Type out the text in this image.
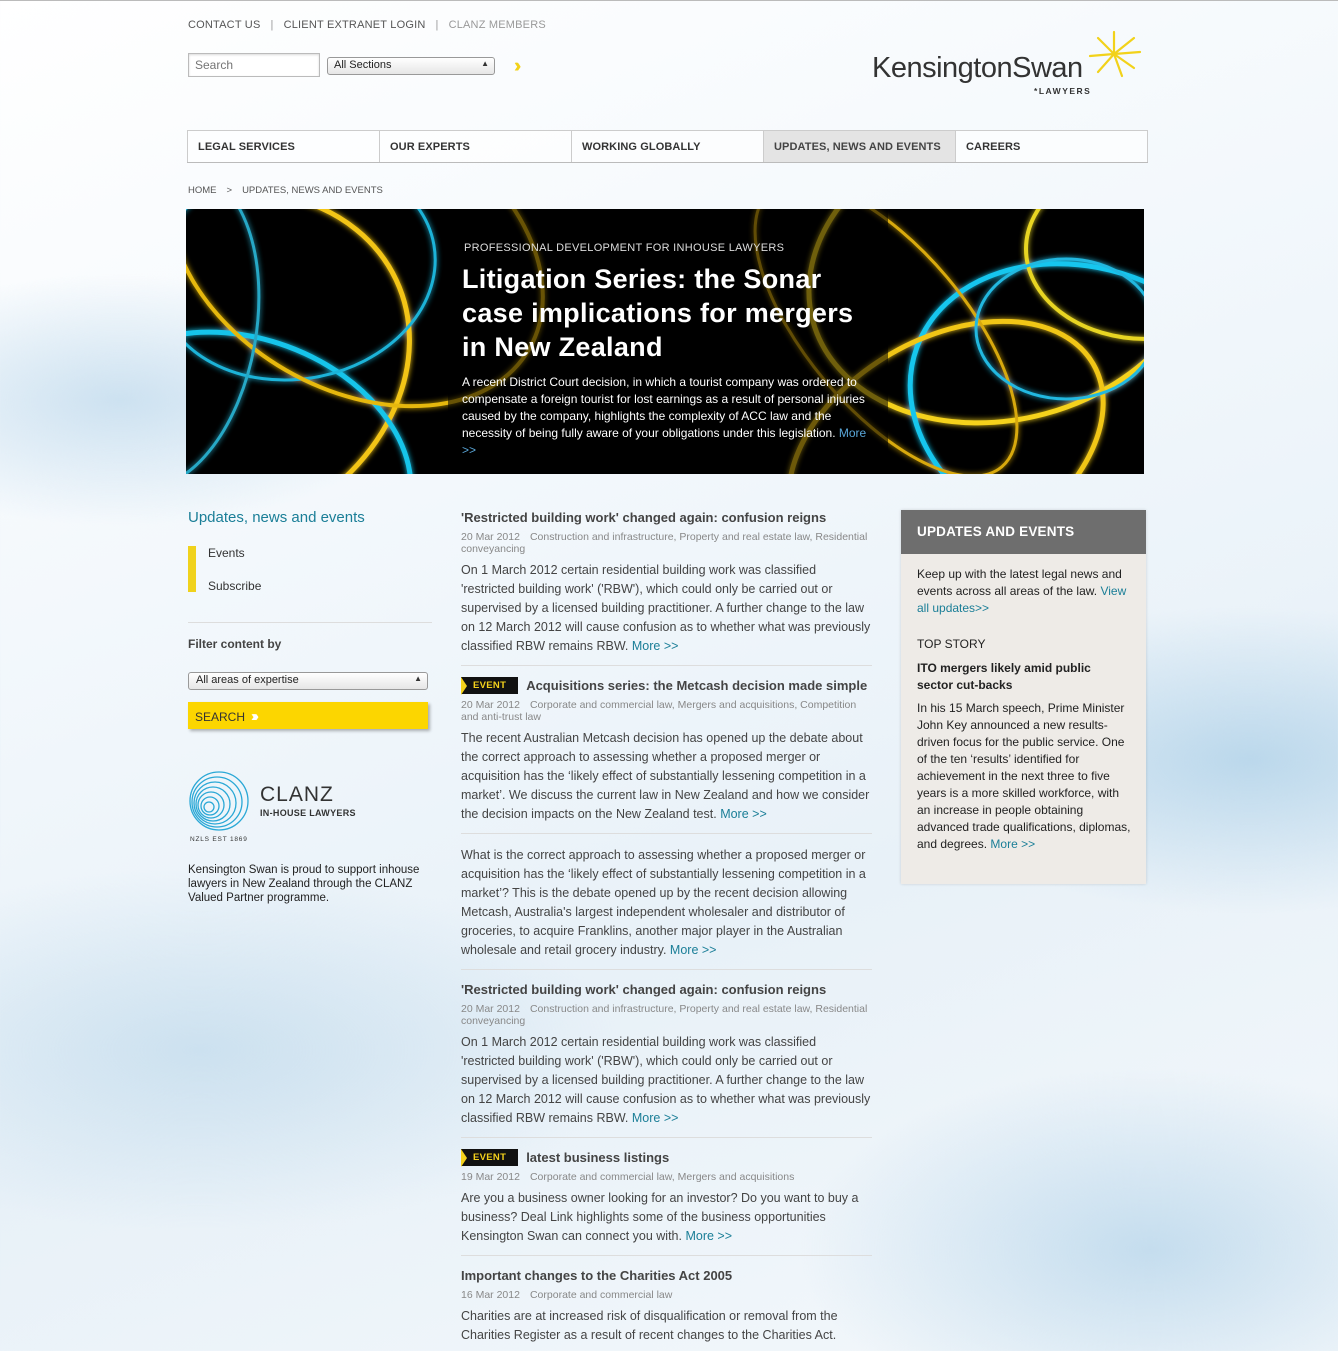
CONTACT US | CLIENT EXTRANET LOGIN | CLANZ MEMBERS
Search
All Sections	▲ ››››	KensingtonSwan
*LAWYERS
LEGAL SERVICES	OUR EXPERTS	WORKING GLOBALLY	UPDATES, NEWS AND EVENTS	CAREERS
HOME > UPDATES, NEWS AND EVENTS
PROFESSIONAL DEVELOPMENT FOR INHOUSE LAWYERS
Litigation Series: the Sonar case implications for mergers in New Zealand
A recent District Court decision, in which a tourist company was ordered to compensate a foreign tourist for lost earnings as a result of personal injuries caused by the company, highlights the complexity of ACC law and the necessity of being fully aware of your obligations under this legislation. More >>
Updates, news and events
Events
Subscribe
Filter content by
All areas of expertise	▲
SEARCH ››››
CLANZ
IN-HOUSE LAWYERS
NZLS EST 1869
Kensington Swan is proud to support inhouse lawyers in New Zealand through the CLANZ Valued Partner programme.
'Restricted building work' changed again: confusion reigns
20 Mar 2012 Construction and infrastructure, Property and real estate law, Residential conveyancing
On 1 March 2012 certain residential building work was classified 'restricted building work' ('RBW'), which could only be carried out or supervised by a licensed building practitioner. A further change to the law on 12 March 2012 will cause confusion as to whether what was previously classified RBW remains RBW. More >>
EVENT	Acquisitions series: the Metcash decision made simple
20 Mar 2012 Corporate and commercial law, Mergers and acquisitions, Competition and anti-trust law
The recent Australian Metcash decision has opened up the debate about the correct approach to assessing whether a proposed merger or acquisition has the ‘likely effect of substantially lessening competition in a market’. We discuss the current law in New Zealand and how we consider the decision impacts on the New Zealand test. More >>
What is the correct approach to assessing whether a proposed merger or acquisition has the ‘likely effect of substantially lessening competition in a market’? This is the debate opened up by the recent decision allowing Metcash, Australia's largest independent wholesaler and distributor of groceries, to acquire Franklins, another major player in the Australian wholesale and retail grocery industry. More >>
'Restricted building work' changed again: confusion reigns
20 Mar 2012 Construction and infrastructure, Property and real estate law, Residential conveyancing
On 1 March 2012 certain residential building work was classified 'restricted building work' ('RBW'), which could only be carried out or supervised by a licensed building practitioner. A further change to the law on 12 March 2012 will cause confusion as to whether what was previously classified RBW remains RBW. More >>
EVENT	latest business listings
19 Mar 2012 Corporate and commercial law, Mergers and acquisitions
Are you a business owner looking for an investor? Do you want to buy a business? Deal Link highlights some of the business opportunities Kensington Swan can connect you with. More >>
Important changes to the Charities Act 2005
16 Mar 2012 Corporate and commercial law
Charities are at increased risk of disqualification or removal from the Charities Register as a result of recent changes to the Charities Act.
UPDATES AND EVENTS
Keep up with the latest legal news and events across all areas of the law. View all updates>>
TOP STORY
ITO mergers likely amid public sector cut-backs
In his 15 March speech, Prime Minister John Key announced a new results-driven focus for the public service. One of the ten ‘results’ identified for achievement in the next three to five years is a more skilled workforce, with an increase in people obtaining advanced trade qualifications, diplomas, and degrees. More >>
